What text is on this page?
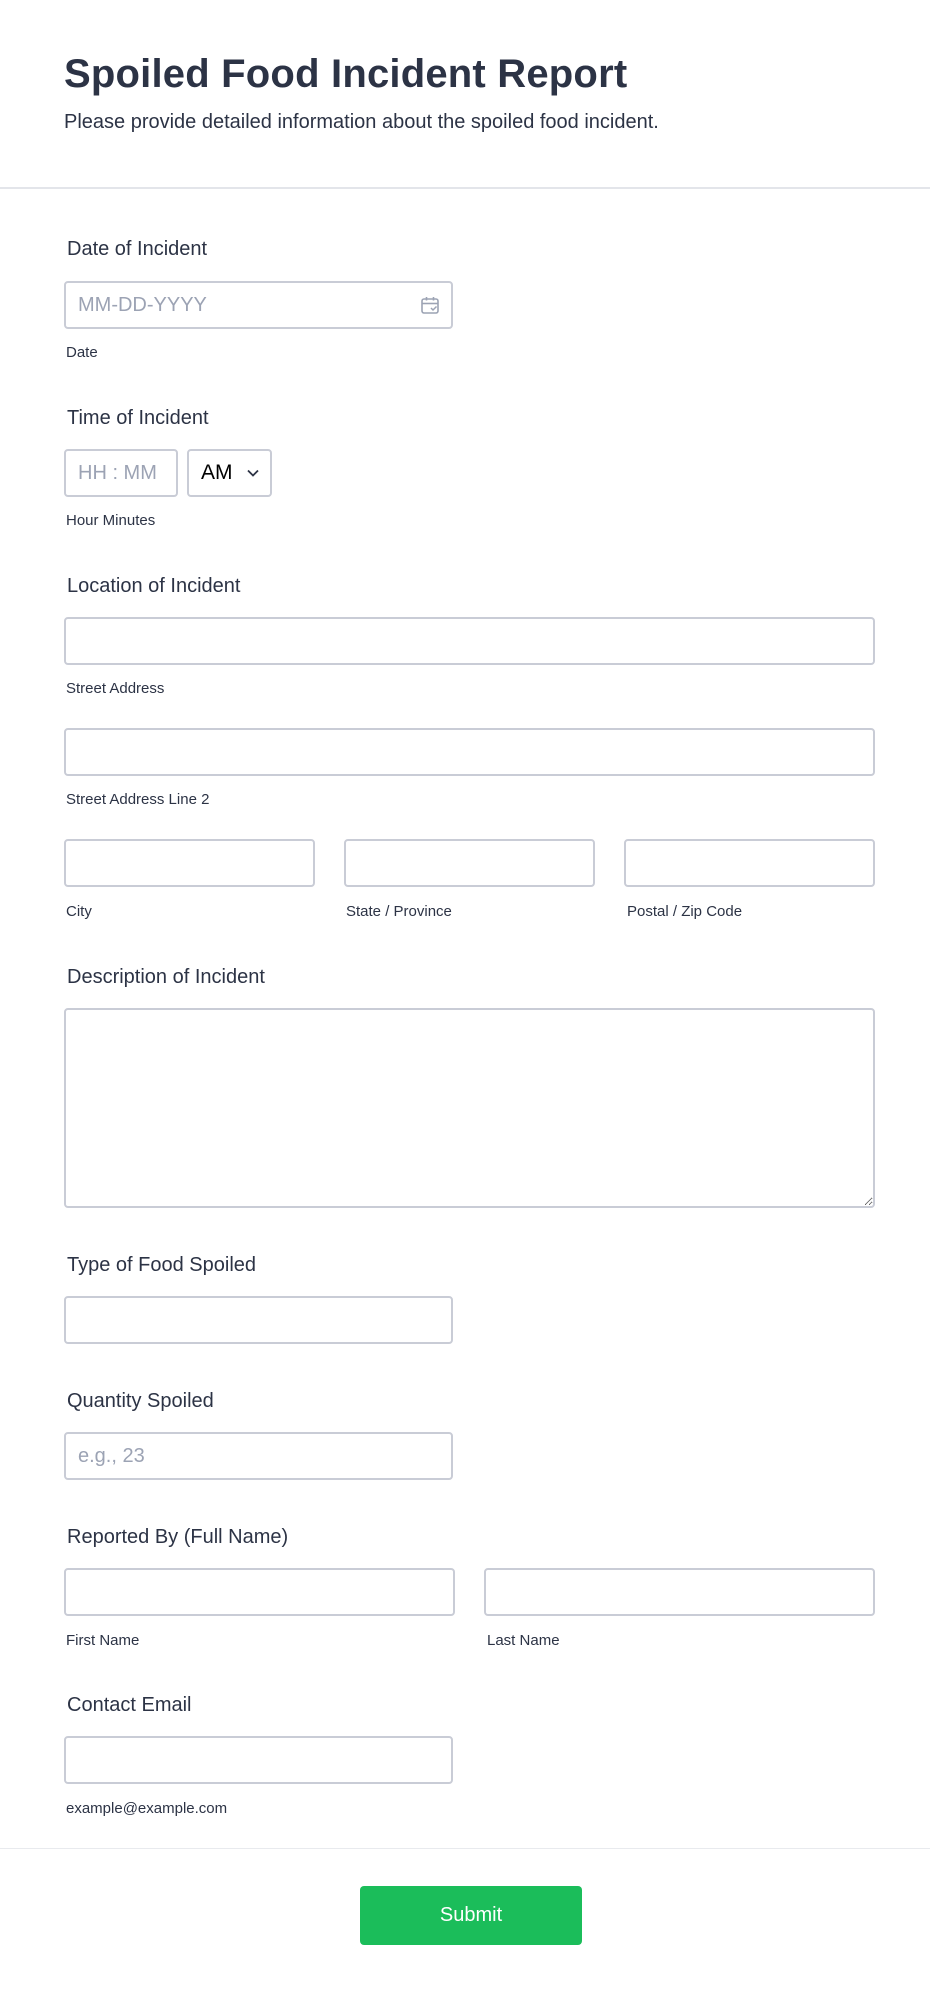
Spoiled Food Incident Report

Please provide detailed information about the spoiled food incident.

Date of Incident
MM-DD-YYYY
Date
Time of Incident
HH : MM
AM
Hour Minutes
Location of Incident
Street Address
Street Address Line 2
City	State / Province	Postal / Zip Code
Description of Incident
Type of Food Spoiled
Quantity Spoiled
e.g., 23
Reported By (Full Name)
First Name	Last Name
Contact Email
example@example.com
Submit
